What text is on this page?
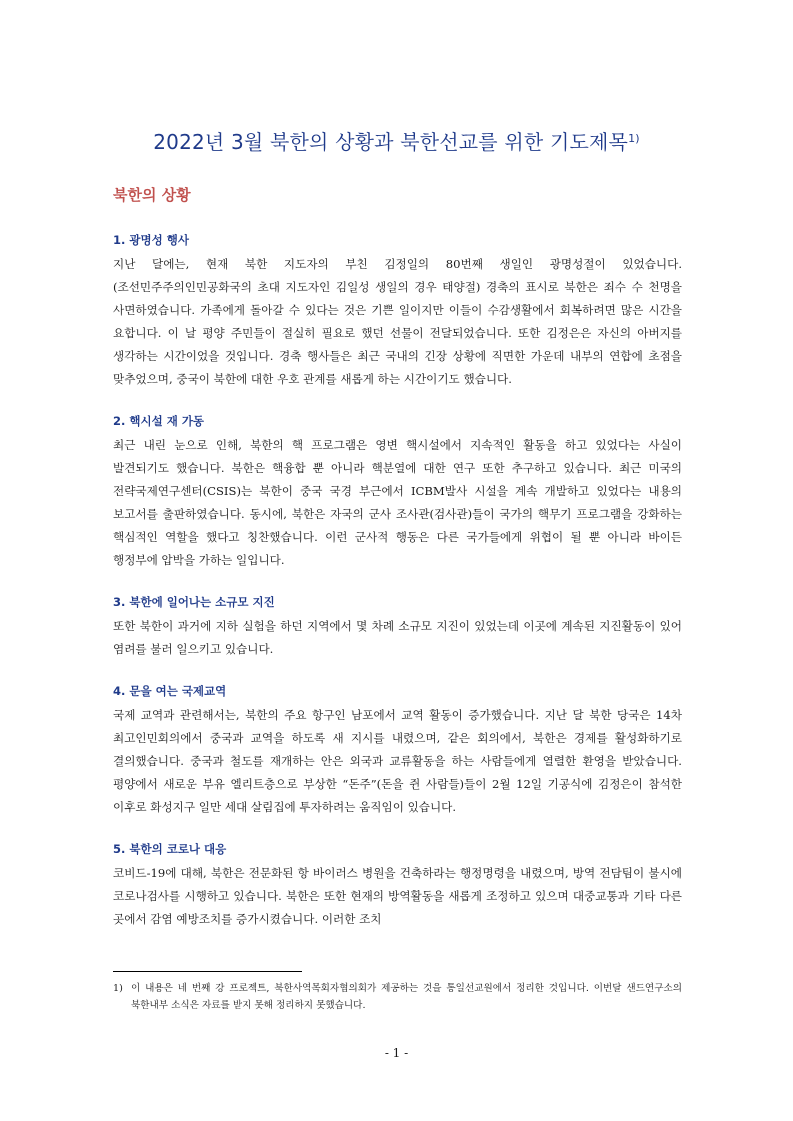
2022년 3월 북한의 상황과 북한선교를 위한 기도제목$^{1)}$
북한의 상황
1. 광명성 행사
지난 달에는, 현재 북한 지도자의 부친 김정일의 80번째 생일인 광명성절이 있었습니다. (조선민주주의인민공화국의 초대 지도자인 김일성 생일의 경우 태양절) 경축의 표시로 북한은 죄수 수 천명을 사면하였습니다. 가족에게 돌아갈 수 있다는 것은 기쁜 일이지만 이들이 수감생활에서 회복하려면 많은 시간을 요합니다. 이 날 평양 주민들이 절실히 필요로 했던 선물이 전달되었습니다. 또한 김정은은 자신의 아버지를 생각하는 시간이었을 것입니다. 경축 행사들은 최근 국내의 긴장 상황에 직면한 가운데 내부의 연합에 초점을 맞추었으며, 중국이 북한에 대한 우호 관계를 새롭게 하는 시간이기도 했습니다.
2. 핵시설 재 가동
최근 내린 눈으로 인해, 북한의 핵 프로그램은 영변 핵시설에서 지속적인 활동을 하고 있었다는 사실이 발견되기도 했습니다. 북한은 핵융합 뿐 아니라 핵분열에 대한 연구 또한 추구하고 있습니다. 최근 미국의 전략국제연구센터(CSIS)는 북한이 중국 국경 부근에서 ICBM발사 시설을 계속 개발하고 있었다는 내용의 보고서를 출판하였습니다. 동시에, 북한은 자국의 군사 조사관(검사관)들이 국가의 핵무기 프로그램을 강화하는 핵심적인 역할을 했다고 칭찬했습니다. 이런 군사적 행동은 다른 국가들에게 위협이 될 뿐 아니라 바이든 행정부에 압박을 가하는 일입니다.
3. 북한에 일어나는 소규모 지진
또한 북한이 과거에 지하 실험을 하던 지역에서 몇 차례 소규모 지진이 있었는데 이곳에 계속된 지진활동이 있어 염려를 불러 일으키고 있습니다.
4. 문을 여는 국제교역
국제 교역과 관련해서는, 북한의 주요 항구인 남포에서 교역 활동이 증가했습니다. 지난 달 북한 당국은 14차 최고인민회의에서 중국과 교역을 하도록 새 지시를 내렸으며, 같은 회의에서, 북한은 경제를 활성화하기로 결의했습니다. 중국과 철도를 재개하는 안은 외국과 교류활동을 하는 사람들에게 열렬한 환영을 받았습니다. 평양에서 새로운 부유 엘리트층으로 부상한 “돈주”(돈을 쥔 사람들)들이 2월 12일 기공식에 김정은이 참석한 이후로 화성지구 일만 세대 살림집에 투자하려는 움직임이 있습니다.
5. 북한의 코로나 대응
코비드-19에 대해, 북한은 전문화된 항 바이러스 병원을 건축하라는 행정명령을 내렸으며, 방역 전담팀이 불시에 코로나검사를 시행하고 있습니다. 북한은 또한 현재의 방역활동을 새롭게 조정하고 있으며 대중교통과 기타 다른 곳에서 감염 예방조치를 증가시켰습니다. 이러한 조치
1) 이 내용은 네 번째 강 프로젝트, 북한사역목회자협의회가 제공하는 것을 통일선교원에서 정리한 것입니다. 이번달 샌드연구소의 북한내부 소식은 자료를 받지 못해 정리하지 못했습니다.
- 1 -
